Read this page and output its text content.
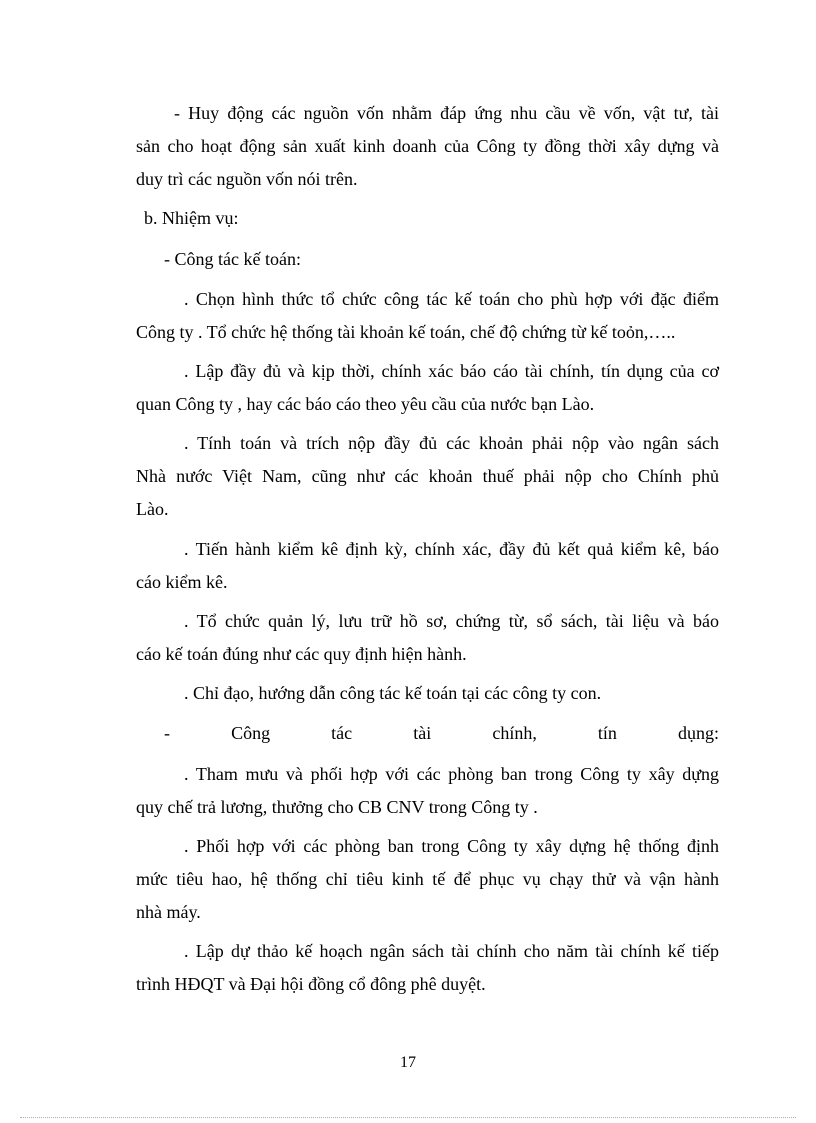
- Huy động các nguồn vốn nhằm đáp ứng nhu cầu về vốn, vật tư, tài
sản cho hoạt động sản xuất kinh doanh của Công ty đồng thời xây dựng và
duy trì các nguồn vốn nói trên.
b. Nhiệm vụ:
- Công tác kế toán:
. Chọn hình thức tổ chức công tác kế toán cho phù hợp với đặc điểm
Công ty . Tổ chức hệ thống tài khoản kế toán, chế độ chứng từ kế toỏn,…..
. Lập đầy đủ và kịp thời, chính xác báo cáo tài chính, tín dụng của cơ
quan Công ty , hay các báo cáo theo yêu cầu của nước bạn Lào.
. Tính toán và trích nộp đầy đủ các khoản phải nộp vào ngân sách
Nhà nước Việt Nam, cũng như các khoản thuế phải nộp cho Chính phủ
Lào.
. Tiến hành kiểm kê định kỳ, chính xác, đầy đủ kết quả kiểm kê, báo
cáo kiểm kê.
. Tổ chức quản lý, lưu trữ hồ sơ, chứng từ, sổ sách, tài liệu và báo
cáo kế toán đúng như các quy định hiện hành.
. Chỉ đạo, hướng dẫn công tác kế toán tại các công ty con.
- Công tác tài chính, tín dụng:
. Tham mưu và phối hợp với các phòng ban trong Công ty xây dựng
quy chế trả lương, thưởng cho CB CNV trong Công ty .
. Phối hợp với các phòng ban trong Công ty xây dựng hệ thống định
mức tiêu hao, hệ thống chỉ tiêu kinh tế để phục vụ chạy thử và vận hành
nhà máy.
. Lập dự thảo kế hoạch ngân sách tài chính cho năm tài chính kế tiếp
trình HĐQT và Đại hội đồng cổ đông phê duyệt.
17
